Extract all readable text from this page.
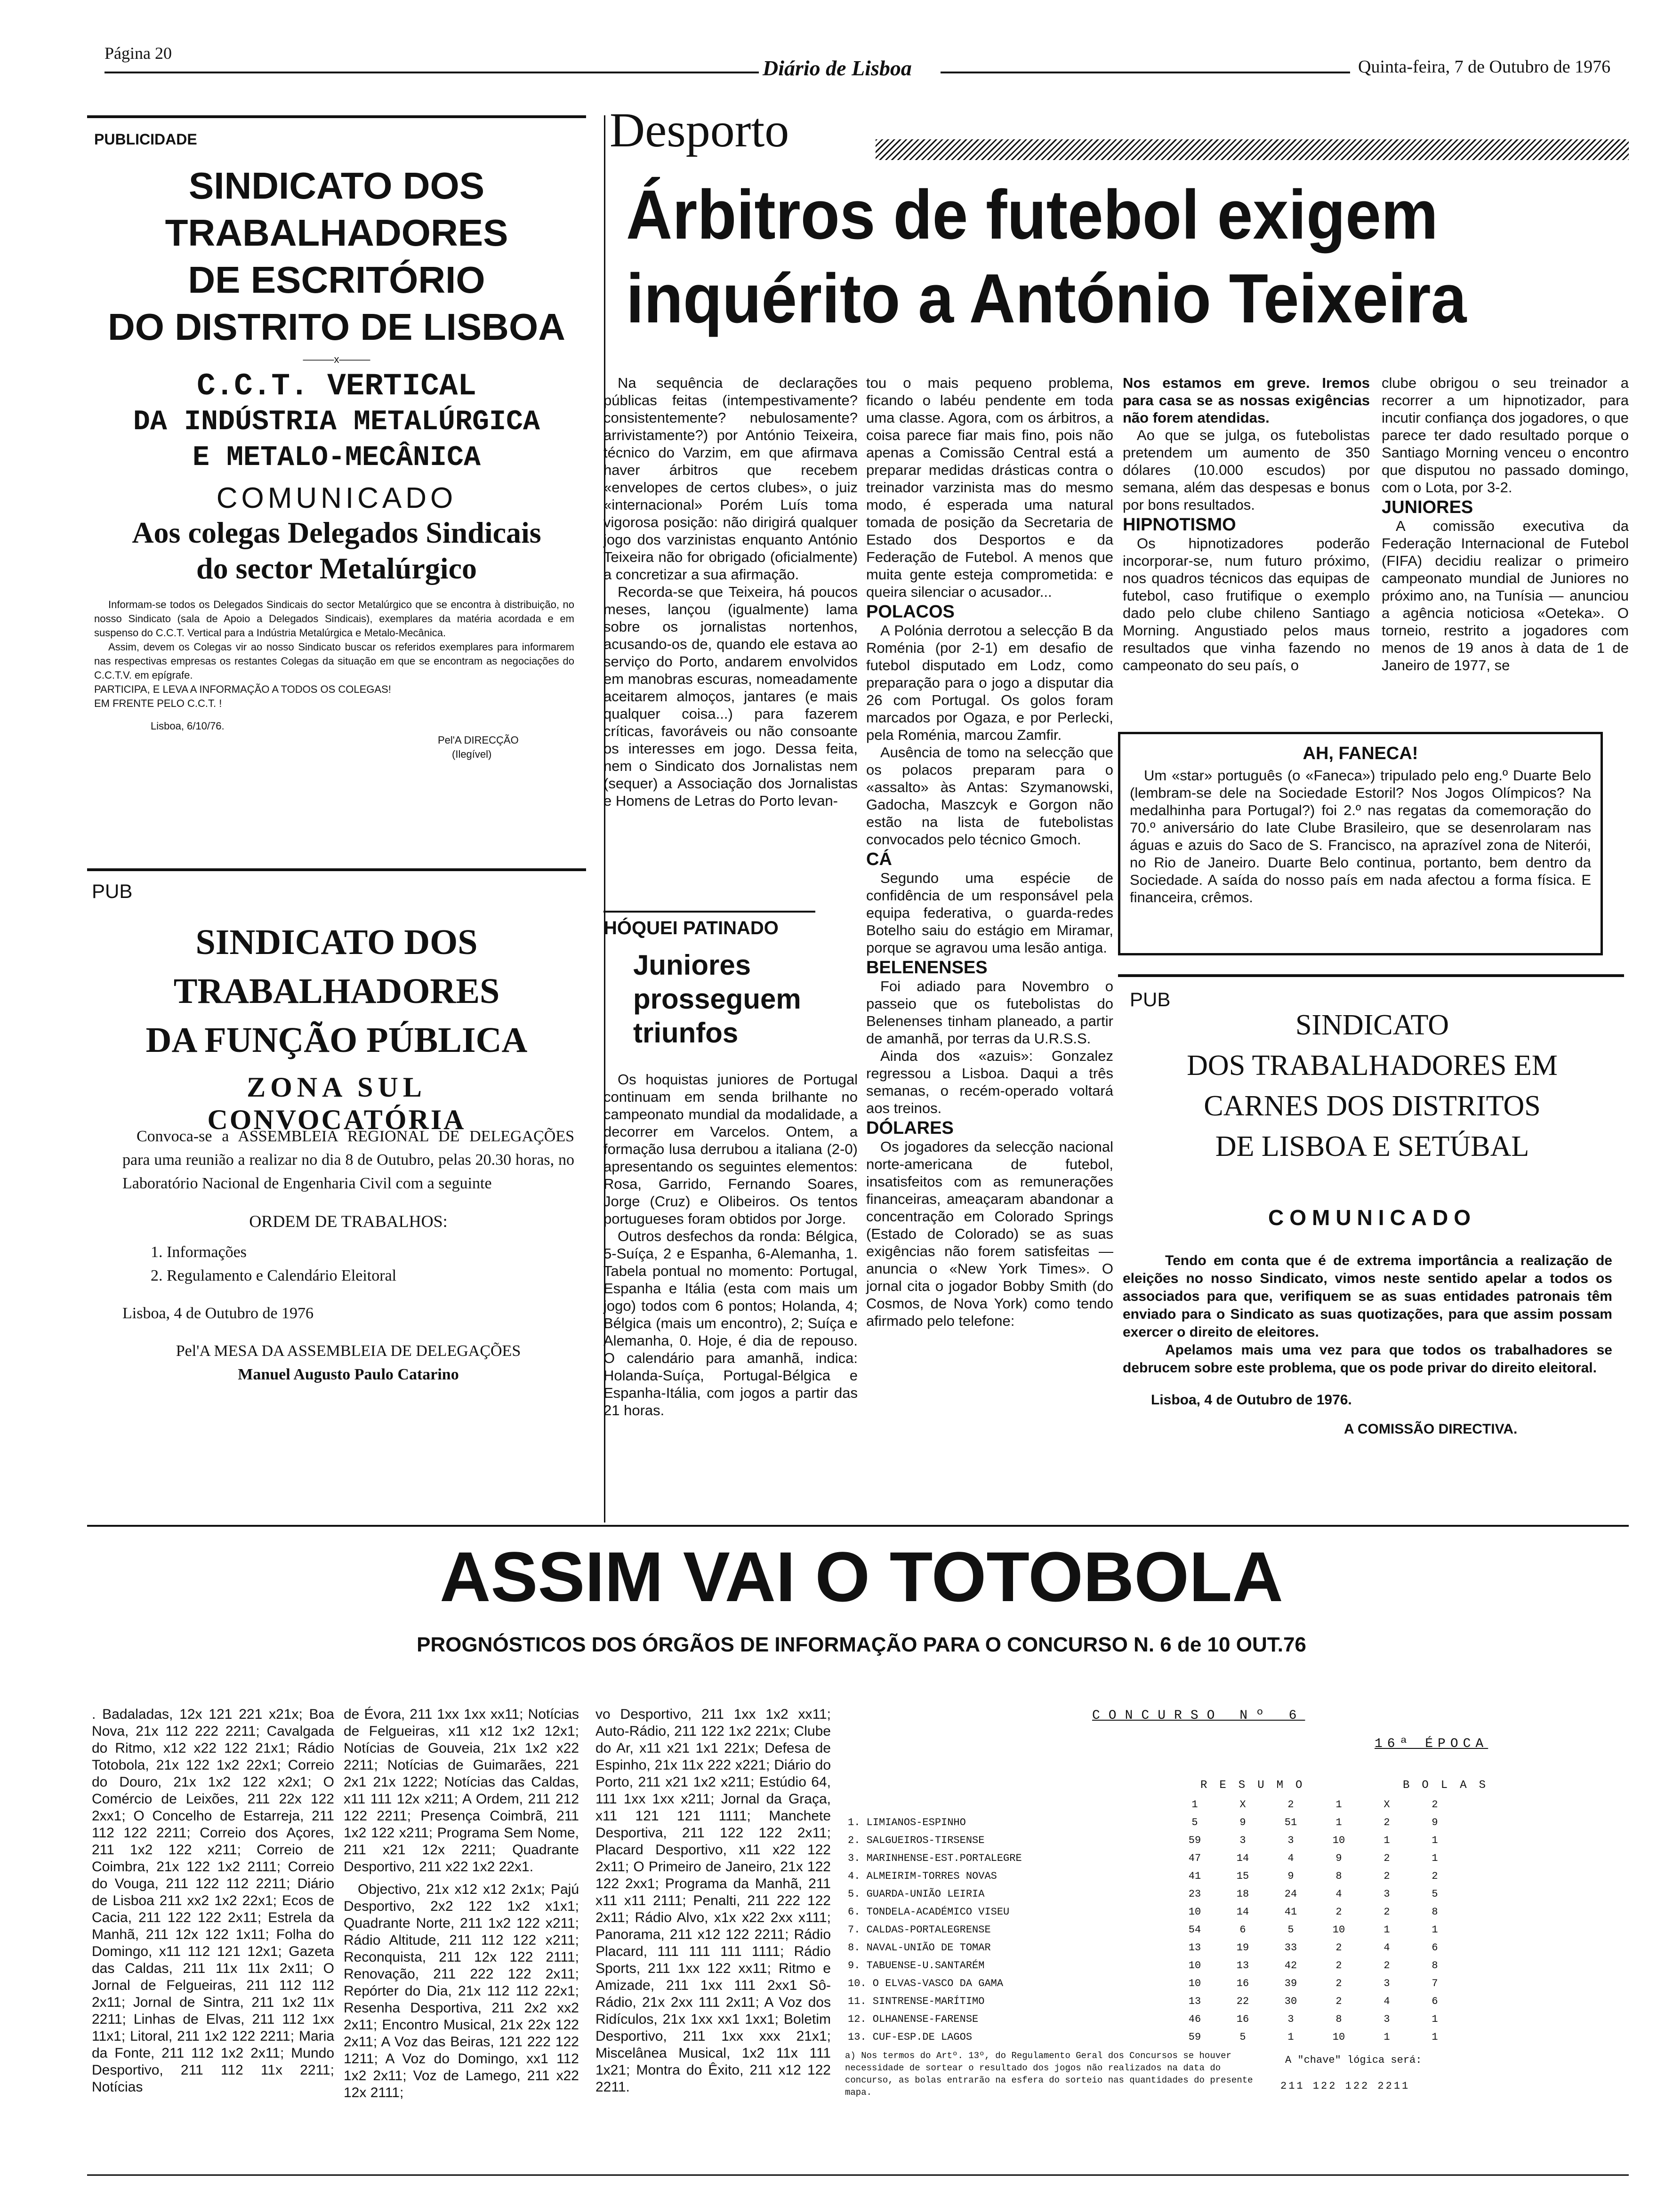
Página 20
Diário de Lisboa	Quinta-feira, 7 de Outubro de 1976
PUBLICIDADE
SINDICATO DOS TRABALHADORES
DE ESCRITÓRIO
DO DISTRITO DE LISBOA
———x———
C.C.T. VERTICAL
DA INDÚSTRIA METALÚRGICA
E METALO-MECÂNICA
COMUNICADO
Aos colegas Delegados Sindicais
do sector Metalúrgico

Informam-se todos os Delegados Sindicais do sector Metalúrgico que se encontra à distribuição, no nosso Sindicato (sala de Apoio a Delegados Sindicais), exemplares da matéria acordada e em suspenso do C.C.T. Vertical para a Indústria Metalúrgica e Metalo-Mecânica.

Assim, devem os Colegas vir ao nosso Sindicato buscar os referidos exemplares para informarem nas respectivas empresas os restantes Colegas da situação em que se encontram as negociações do C.C.T.V. em epígrafe.

PARTICIPA, E LEVA A INFORMAÇÃO A TODOS OS COLEGAS!

EM FRENTE PELO C.C.T. !

Lisboa, 6/10/76.

Pel'A DIRECÇÃO

(Ilegível)

PUB
SINDICATO DOS TRABALHADORES
DA FUNÇÃO PÚBLICA
ZONA SUL
CONVOCATÓRIA

Convoca-se a ASSEMBLEIA REGIONAL DE DELEGAÇÕES para uma reunião a realizar no dia 8 de Outubro, pelas 20.30 horas, no Laboratório Nacional de Engenharia Civil com a seguinte

ORDEM DE TRABALHOS:

1. Informações

2. Regulamento e Calendário Eleitoral

Lisboa, 4 de Outubro de 1976

Pel'A MESA DA ASSEMBLEIA DE DELEGAÇÕES

Manuel Augusto Paulo Catarino

Desporto
Árbitros de futebol exigem
inquérito a António Teixeira

Na sequência de declarações públicas feitas (intempestivamente? consistentemente? nebulosamente? arrivistamente?) por António Teixeira, técnico do Varzim, em que afirmava haver árbitros que recebem «envelopes de certos clubes», o juiz «internacional» Porém Luís toma vigorosa posição: não dirigirá qualquer jogo dos varzinistas enquanto António Teixeira não for obrigado (oficialmente) a concretizar a sua afirmação.

Recorda-se que Teixeira, há poucos meses, lançou (igualmente) lama sobre os jornalistas nortenhos, acusando-os de, quando ele estava ao serviço do Porto, andarem envolvidos em manobras escuras, nomeadamente aceitarem almoços, jantares (e mais qualquer coisa...) para fazerem críticas, favoráveis ou não consoante os interesses em jogo. Dessa feita, nem o Sindicato dos Jornalistas nem (sequer) a Associação dos Jornalistas e Homens de Letras do Porto levan-

HÓQUEI PATINADO
Juniores
prosseguem
triunfos

Os hoquistas juniores de Portugal continuam em senda brilhante no campeonato mundial da modalidade, a decorrer em Varcelos. Ontem, a formação lusa derrubou a italiana (2-0) apresentando os seguintes elementos: Rosa, Garrido, Fernando Soares, Jorge (Cruz) e Olibeiros. Os tentos portugueses foram obtidos por Jorge.

Outros desfechos da ronda: Bélgica, 5-Suíça, 2 e Espanha, 6-Alemanha, 1. Tabela pontual no momento: Portugal, Espanha e Itália (esta com mais um jogo) todos com 6 pontos; Holanda, 4; Bélgica (mais um encontro), 2; Suíça e Alemanha, 0. Hoje, é dia de repouso. O calendário para amanhã, indica: Holanda-Suíça, Portugal-Bélgica e Espanha-Itália, com jogos a partir das 21 horas.

tou o mais pequeno problema, ficando o labéu pendente em toda uma classe. Agora, com os árbitros, a coisa parece fiar mais fino, pois não apenas a Comissão Central está a preparar medidas drásticas contra o treinador varzinista mas do mesmo modo, é esperada uma natural tomada de posição da Secretaria de Estado dos Desportos e da Federação de Futebol. A menos que muita gente esteja comprometida: e queira silenciar o acusador...

POLACOS

A Polónia derrotou a selecção B da Roménia (por 2-1) em desafio de futebol disputado em Lodz, como preparação para o jogo a disputar dia 26 com Portugal. Os golos foram marcados por Ogaza, e por Perlecki, pela Roménia, marcou Zamfir.

Ausência de tomo na selecção que os polacos preparam para o «assalto» às Antas: Szymanowski, Gadocha, Maszcyk e Gorgon não estão na lista de futebolistas convocados pelo técnico Gmoch.

CÁ

Segundo uma espécie de confidência de um responsável pela equipa federativa, o guarda-redes Botelho saiu do estágio em Miramar, porque se agravou uma lesão antiga.

BELENENSES

Foi adiado para Novembro o passeio que os futebolistas do Belenenses tinham planeado, a partir de amanhã, por terras da U.R.S.S.

Ainda dos «azuis»: Gonzalez regressou a Lisboa. Daqui a três semanas, o recém-operado voltará aos treinos.

DÓLARES

Os jogadores da selecção nacional norte-americana de futebol, insatisfeitos com as remunerações financeiras, ameaçaram abandonar a concentração em Colorado Springs (Estado de Colorado) se as suas exigências não forem satisfeitas — anuncia o «New York Times». O jornal cita o jogador Bobby Smith (do Cosmos, de Nova York) como tendo afirmado pelo telefone:

Nos estamos em greve. Iremos para casa se as nossas exigências não forem atendidas.

Ao que se julga, os futebolistas pretendem um aumento de 350 dólares (10.000 escudos) por semana, além das despesas e bonus por bons resultados.

HIPNOTISMO

Os hipnotizadores poderão incorporar-se, num futuro próximo, nos quadros técnicos das equipas de futebol, caso frutifique o exemplo dado pelo clube chileno Santiago Morning. Angustiado pelos maus resultados que vinha fazendo no campeonato do seu país, o

clube obrigou o seu treinador a recorrer a um hipnotizador, para incutir confiança dos jogadores, o que parece ter dado resultado porque o Santiago Morning venceu o encontro que disputou no passado domingo, com o Lota, por 3-2.

JUNIORES

A comissão executiva da Federação Internacional de Futebol (FIFA) decidiu realizar o primeiro campeonato mundial de Juniores no próximo ano, na Tunísia — anunciou a agência noticiosa «Oeteka». O torneio, restrito a jogadores com menos de 19 anos à data de 1 de Janeiro de 1977, se

AH, FANECA!

Um «star» português (o «Faneca») tripulado pelo eng.º Duarte Belo (lembram-se dele na Sociedade Estoril? Nos Jogos Olímpicos? Na medalhinha para Portugal?) foi 2.º nas regatas da comemoração do 70.º aniversário do Iate Clube Brasileiro, que se desenrolaram nas águas e azuis do Saco de S. Francisco, na aprazível zona de Niterói, no Rio de Janeiro. Duarte Belo continua, portanto, bem dentro da Sociedade. A saída do nosso país em nada afectou a forma física. E financeira, crêmos.

PUB
SINDICATO
DOS TRABALHADORES EM
CARNES DOS DISTRITOS
DE LISBOA E SETÚBAL
COMUNICADO

Tendo em conta que é de extrema importância a realização de eleições no nosso Sindicato, vimos neste sentido apelar a todos os associados para que, verifiquem se as suas entidades patronais têm enviado para o Sindicato as suas quotizações, para que assim possam exercer o direito de eleitores.

Apelamos mais uma vez para que todos os trabalhadores se debrucem sobre este problema, que os pode privar do direito eleitoral.

Lisboa, 4 de Outubro de 1976.

A COMISSÃO DIRECTIVA.

ASSIM VAI O TOTOBOLA
PROGNÓSTICOS DOS ÓRGÃOS DE INFORMAÇÃO PARA O CONCURSO N. 6 de 10 OUT.76
. Badaladas, 12x 121 221 x21x; Boa Nova, 21x 112 222 2211; Cavalgada do Ritmo, x12 x22 122 21x1; Rádio Totobola, 21x 122 1x2 22x1; Correio do Douro, 21x 1x2 122 x2x1; O Comércio de Leixões, 211 22x 122 2xx1; O Concelho de Estarreja, 211 112 122 2211; Correio dos Açores, 211 1x2 122 x211; Correio de Coimbra, 21x 122 1x2 2111; Correio do Vouga, 211 122 112 2211; Diário de Lisboa 211 xx2 1x2 22x1; Ecos de Cacia, 211 122 122 2x11; Estrela da Manhã, 211 12x 122 1x11; Folha do Domingo, x11 112 121 12x1; Gazeta das Caldas, 211 11x 11x 2x11; O Jornal de Felgueiras, 211 112 112 2x11; Jornal de Sintra, 211 1x2 11x 2211; Linhas de Elvas, 211 112 1xx 11x1; Litoral, 211 1x2 122 2211; Maria da Fonte, 211 112 1x2 2x11; Mundo Desportivo, 211 112 11x 2211; Notícias

de Évora, 211 1xx 1xx xx11; Notícias de Felgueiras, x11 x12 1x2 12x1; Notícias de Gouveia, 21x 1x2 x22 2211; Notícias de Guimarães, 221 2x1 21x 1222; Notícias das Caldas, x11 111 12x x211; A Ordem, 211 212 122 2211; Presença Coimbrã, 211 1x2 122 x211; Programa Sem Nome, 211 x21 12x 2211; Quadrante Desportivo, 211 x22 1x2 22x1.

Objectivo, 21x x12 x12 2x1x; Pajú Desportivo, 2x2 122 1x2 x1x1; Quadrante Norte, 211 1x2 122 x211; Rádio Altitude, 211 112 122 x211; Reconquista, 211 12x 122 2111; Renovação, 211 222 122 2x11; Repórter do Dia, 21x 112 112 22x1; Resenha Desportiva, 211 2x2 xx2 2x11; Encontro Musical, 21x 22x 122 2x11; A Voz das Beiras, 121 222 122 1211; A Voz do Domingo, xx1 112 1x2 2x11; Voz de Lamego, 211 x22 12x 2111;

vo Desportivo, 211 1xx 1x2 xx11; Auto-Rádio, 211 122 1x2 221x; Clube do Ar, x11 x21 1x1 221x; Defesa de Espinho, 21x 11x 222 x221; Diário do Porto, 211 x21 1x2 x211; Estúdio 64, 111 1xx 1xx x211; Jornal da Graça, x11 121 121 1111; Manchete Desportiva, 211 122 122 2x11; Placard Desportivo, x11 x22 122 2x11; O Primeiro de Janeiro, 21x 122 122 2xx1; Programa da Manhã, 211 x11 x11 2111; Penalti, 211 222 122 2x11; Rádio Alvo, x1x x22 2xx x111; Panorama, 211 x12 122 2211; Rádio Placard, 111 111 111 1111; Rádio Sports, 211 1xx 122 xx11; Ritmo e Amizade, 211 1xx 111 2xx1 Sô-Rádio, 21x 2xx 111 2x11; A Voz dos Ridículos, 21x 1xx xx1 1xx1; Boletim Desportivo, 211 1xx xxx 21x1; Miscelânea Musical, 1x2 11x 111 1x21; Montra do Êxito, 211 x12 122 2211.
CONCURSO Nº 6
16ª ÉPOCA
RESUMO	BOLAS
	1	X	2	1	X	2
1. LIMIANOS-ESPINHO	5	9	51	1	2	9
2. SALGUEIROS-TIRSENSE	59	3	3	10	1	1
3. MARINHENSE-EST.PORTALEGRE	47	14	4	9	2	1
4. ALMEIRIM-TORRES NOVAS	41	15	9	8	2	2
5. GUARDA-UNIÃO LEIRIA	23	18	24	4	3	5
6. TONDELA-ACADÉMICO VISEU	10	14	41	2	2	8
7. CALDAS-PORTALEGRENSE	54	6	5	10	1	1
8. NAVAL-UNIÃO DE TOMAR	13	19	33	2	4	6
9. TABUENSE-U.SANTARÉM	10	13	42	2	2	8
10. O ELVAS-VASCO DA GAMA	10	16	39	2	3	7
11. SINTRENSE-MARÍTIMO	13	22	30	2	4	6
12. OLHANENSE-FARENSE	46	16	3	8	3	1
13. CUF-ESP.DE LAGOS	59	5	1	10	1	1
a) Nos termos do Artº. 13º, do Regulamento Geral dos Concursos se houver necessidade de sortear o resultado dos jogos não realizados na data do concurso, as bolas entrarão na esfera do sorteio nas quantidades do presente mapa.
A "chave" lógica será:
211 122 122 2211
